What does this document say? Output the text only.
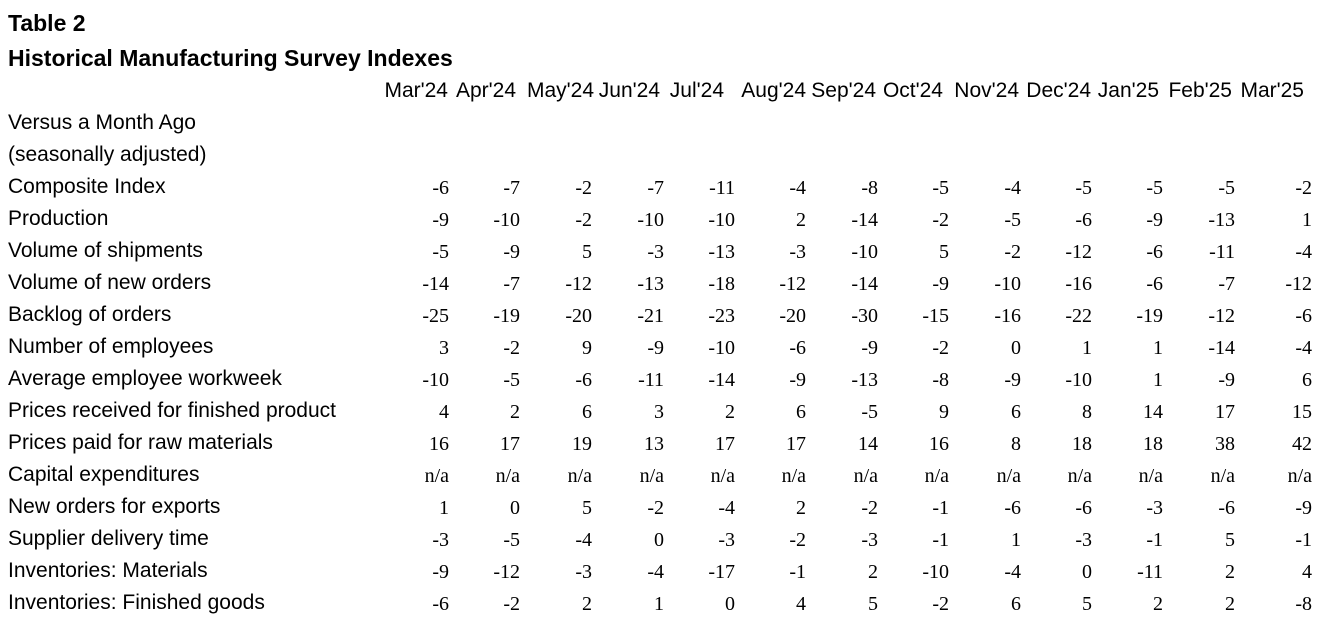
Table 2
Historical Manufacturing Survey Indexes
Mar'24 Apr'24 May'24 Jun'24 Jul'24 Aug'24 Sep'24 Oct'24 Nov'24 Dec'24 Jan'25 Feb'25 Mar'25
Versus a Month Ago
(seasonally adjusted)
Composite Index	-6	-7	-2	-7	-11	-4	-8	-5	-4	-5	-5	-5	-2
Production	-9	-10	-2	-10	-10	2	-14	-2	-5	-6	-9	-13	1
Volume of shipments	-5	-9	5	-3	-13	-3	-10	5	-2	-12	-6	-11	-4
Volume of new orders	-14	-7	-12	-13	-18	-12	-14	-9	-10	-16	-6	-7	-12
Backlog of orders	-25	-19	-20	-21	-23	-20	-30	-15	-16	-22	-19	-12	-6
Number of employees	3	-2	9	-9	-10	-6	-9	-2	0	1	1	-14	-4
Average employee workweek	-10	-5	-6	-11	-14	-9	-13	-8	-9	-10	1	-9	6
Prices received for finished product	4	2	6	3	2	6	-5	9	6	8	14	17	15
Prices paid for raw materials	16	17	19	13	17	17	14	16	8	18	18	38	42
Capital expenditures	n/a	n/a	n/a	n/a	n/a	n/a	n/a	n/a	n/a	n/a	n/a	n/a	n/a
New orders for exports	1	0	5	-2	-4	2	-2	-1	-6	-6	-3	-6	-9
Supplier delivery time	-3	-5	-4	0	-3	-2	-3	-1	1	-3	-1	5	-1
Inventories: Materials	-9	-12	-3	-4	-17	-1	2	-10	-4	0	-11	2	4
Inventories: Finished goods	-6	-2	2	1	0	4	5	-2	6	5	2	2	-8
